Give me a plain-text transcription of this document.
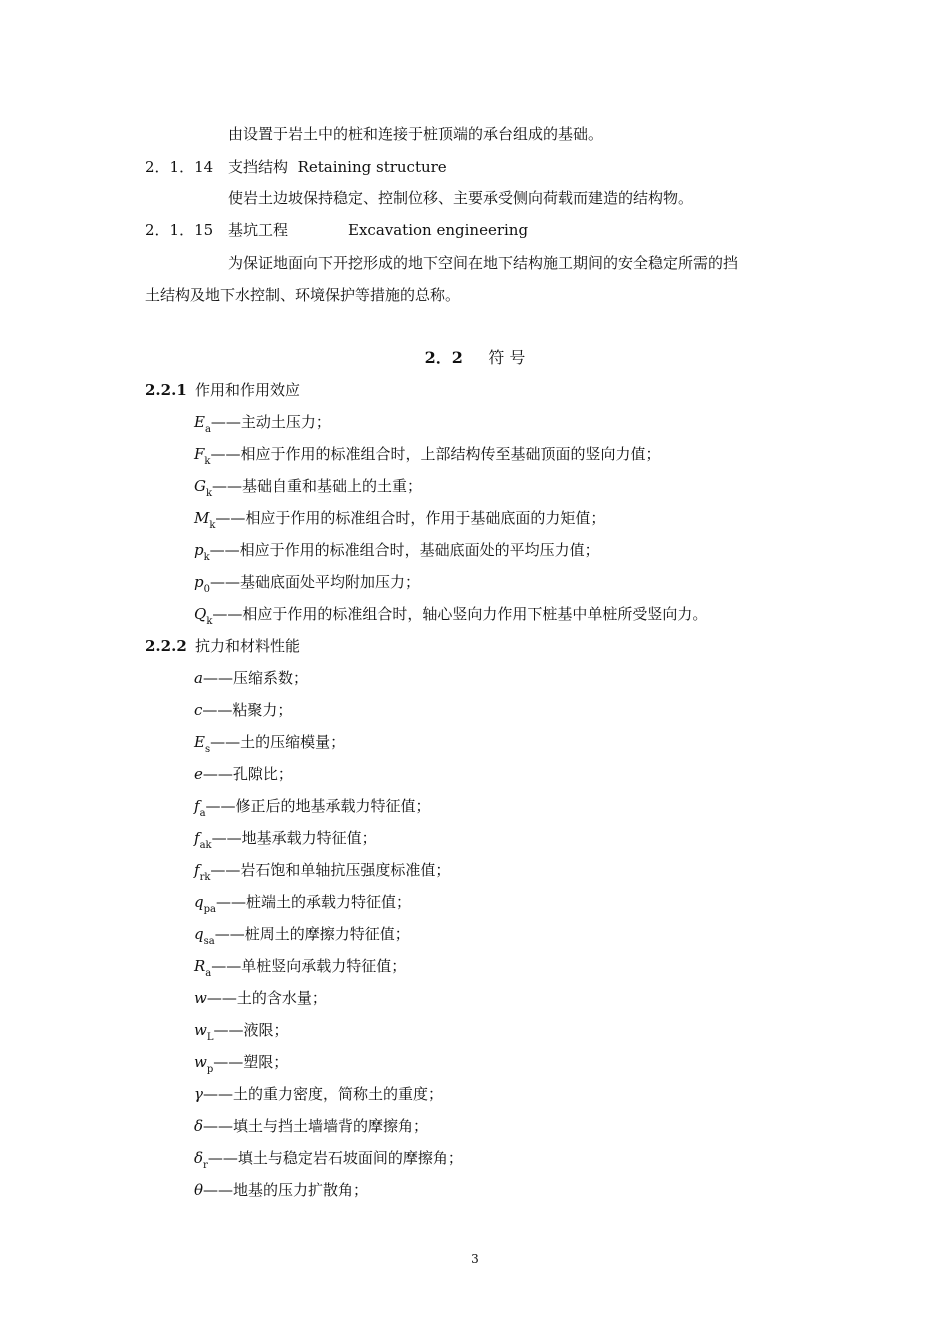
由设置于岩土中的桩和连接于桩顶端的承台组成的基础。
2．1．14 支挡结构 Retaining structure
使岩土边坡保持稳定、控制位移、主要承受侧向荷载而建造的结构物。
2．1．15 基坑工程	Excavation engineering
为保证地面向下开挖形成的地下空间在地下结构施工期间的安全稳定所需的挡
土结构及地下水控制、环境保护等措施的总称。
2．2 符 号
2.2.1 作用和作用效应
$E_a——$主动土压力；
$F_k——$相应于作用的标准组合时，上部结构传至基础顶面的竖向力值；
$G_k——$基础自重和基础上的土重；
$M_k——$相应于作用的标准组合时，作用于基础底面的力矩值；
$p_k——$相应于作用的标准组合时，基础底面处的平均压力值；
$p_0——$基础底面处平均附加压力；
$Q_k——$相应于作用的标准组合时，轴心竖向力作用下桩基中单桩所受竖向力。
2.2.2 抗力和材料性能
a——压缩系数；
c——粘聚力；
$E_s——$土的压缩模量；
e——孔隙比；
$f_a——$修正后的地基承载力特征值；
$f_{ak}——$地基承载力特征值；
$f_{rk}——$岩石饱和单轴抗压强度标准值；
$q_{pa}——$桩端土的承载力特征值；
$q_{sa}——$桩周土的摩擦力特征值；
$R_a——$单桩竖向承载力特征值；
w——土的含水量；
$w_L——$液限；
$w_p——$塑限；
γ——土的重力密度，简称土的重度；
δ——填土与挡土墙墙背的摩擦角；
$\delta_r——$填土与稳定岩石坡面间的摩擦角；
θ——地基的压力扩散角；
3
